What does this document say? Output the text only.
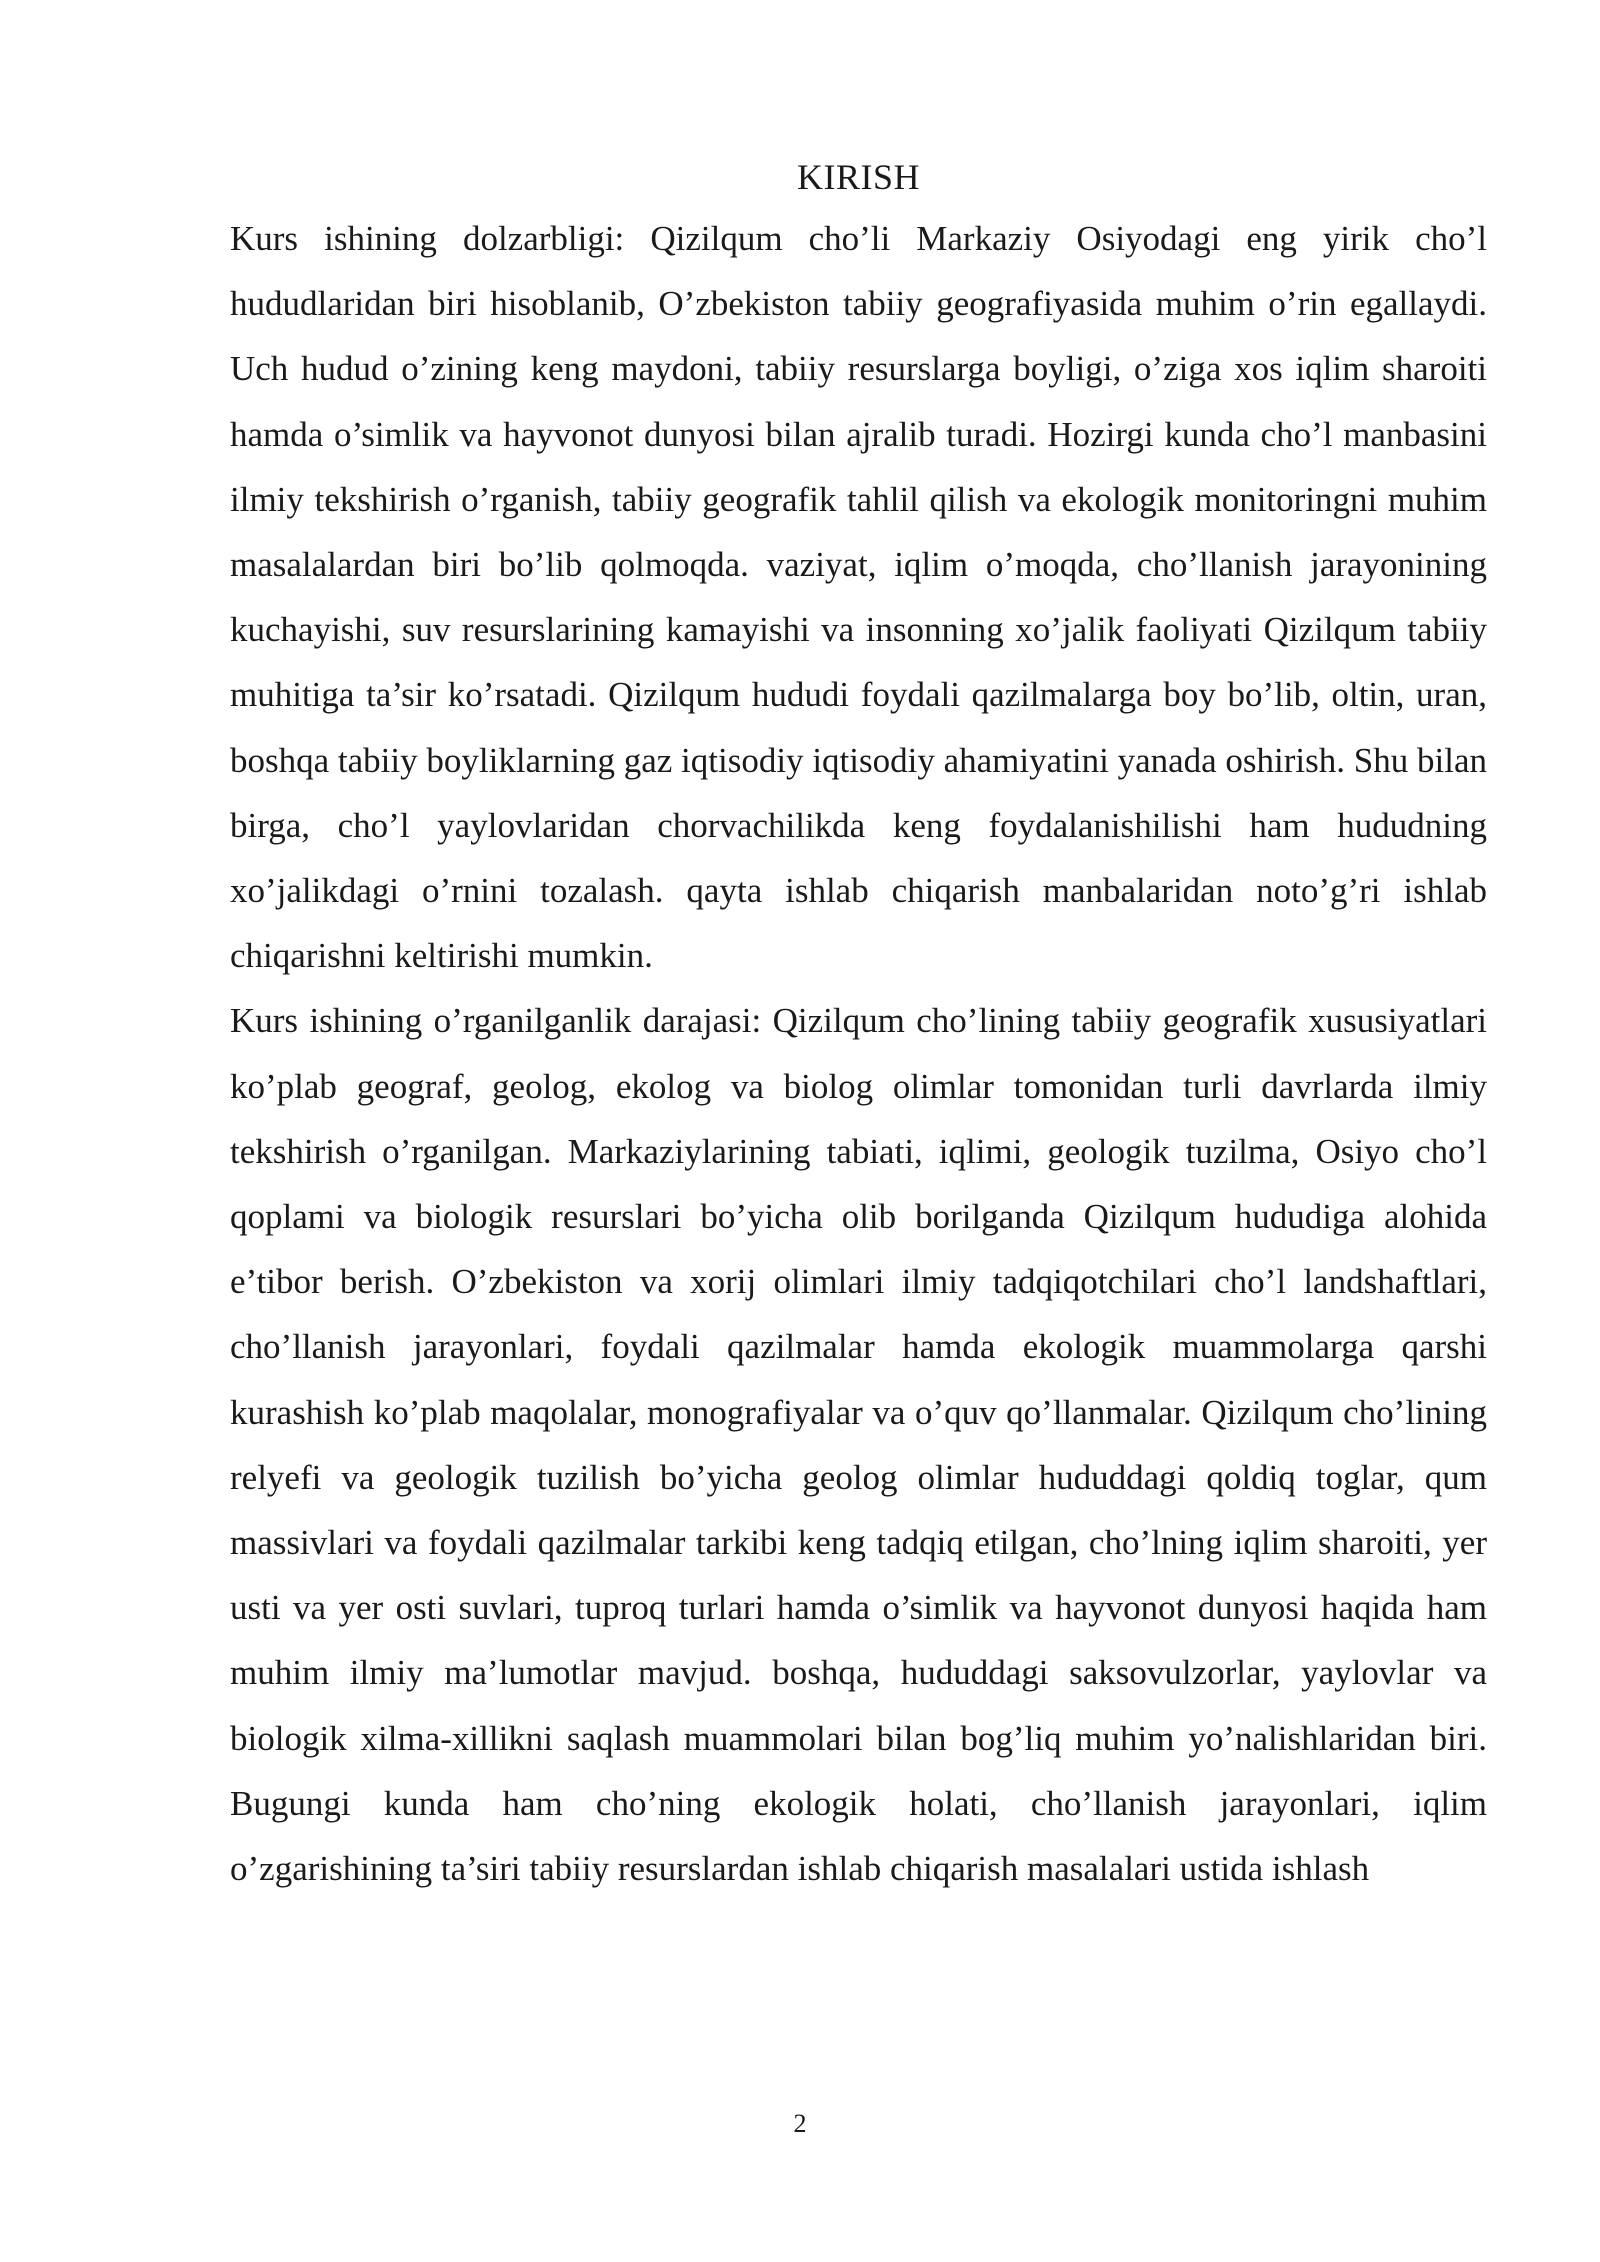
KIRISH

Kurs ishining dolzarbligi: Qizilqum cho’li Markaziy Osiyodagi eng yirik cho’l hududlaridan biri hisoblanib, O’zbekiston tabiiy geografiyasida muhim o’rin egallaydi. Uch hudud o’zining keng maydoni, tabiiy resurslarga boyligi, o’ziga xos iqlim sharoiti hamda o’simlik va hayvonot dunyosi bilan ajralib turadi. Hozirgi kunda cho’l manbasini ilmiy tekshirish o’rganish, tabiiy geografik tahlil qilish va ekologik monitoringni muhim masalalardan biri bo’lib qolmoqda. vaziyat, iqlim o’moqda, cho’llanish jarayonining kuchayishi, suv resurslarining kamayishi va insonning xo’jalik faoliyati Qizilqum tabiiy muhitiga ta’sir ko’rsatadi. Qizilqum hududi foydali qazilmalarga boy bo’lib, oltin, uran, boshqa tabiiy boyliklarning gaz iqtisodiy iqtisodiy ahamiyatini yanada oshirish. Shu bilan birga, cho’l yaylovlaridan chorvachilikda keng foydalanishilishi ham hududning xo’jalikdagi o’rnini tozalash. qayta ishlab chiqarish manbalaridan noto’g’ri ishlab chiqarishni keltirishi mumkin.

Kurs ishining o’rganilganlik darajasi: Qizilqum cho’lining tabiiy geografik xususiyatlari ko’plab geograf, geolog, ekolog va biolog olimlar tomonidan turli davrlarda ilmiy tekshirish o’rganilgan. Markaziylarining tabiati, iqlimi, geologik tuzilma, Osiyo cho’l qoplami va biologik resurslari bo’yicha olib borilganda Qizilqum hududiga alohida e’tibor berish. O’zbekiston va xorij olimlari ilmiy tadqiqotchilari cho’l landshaftlari, cho’llanish jarayonlari, foydali qazilmalar hamda ekologik muammolarga qarshi kurashish ko’plab maqolalar, monografiyalar va o’quv qo’llanmalar. Qizilqum cho’lining relyefi va geologik tuzilish bo’yicha geolog olimlar hududdagi qoldiq toglar, qum massivlari va foydali qazilmalar tarkibi keng tadqiq etilgan, cho’lning iqlim sharoiti, yer usti va yer osti suvlari, tuproq turlari hamda o’simlik va hayvonot dunyosi haqida ham muhim ilmiy ma’lumotlar mavjud. boshqa, hududdagi saksovulzorlar, yaylovlar va biologik xilma-xillikni saqlash muammolari bilan bog’liq muhim yo’nalishlaridan biri. Bugungi kunda ham cho’ning ekologik holati, cho’llanish jarayonlari, iqlim o’zgarishining ta’siri tabiiy resurslardan ishlab chiqarish masalalari ustida ishlash

2
